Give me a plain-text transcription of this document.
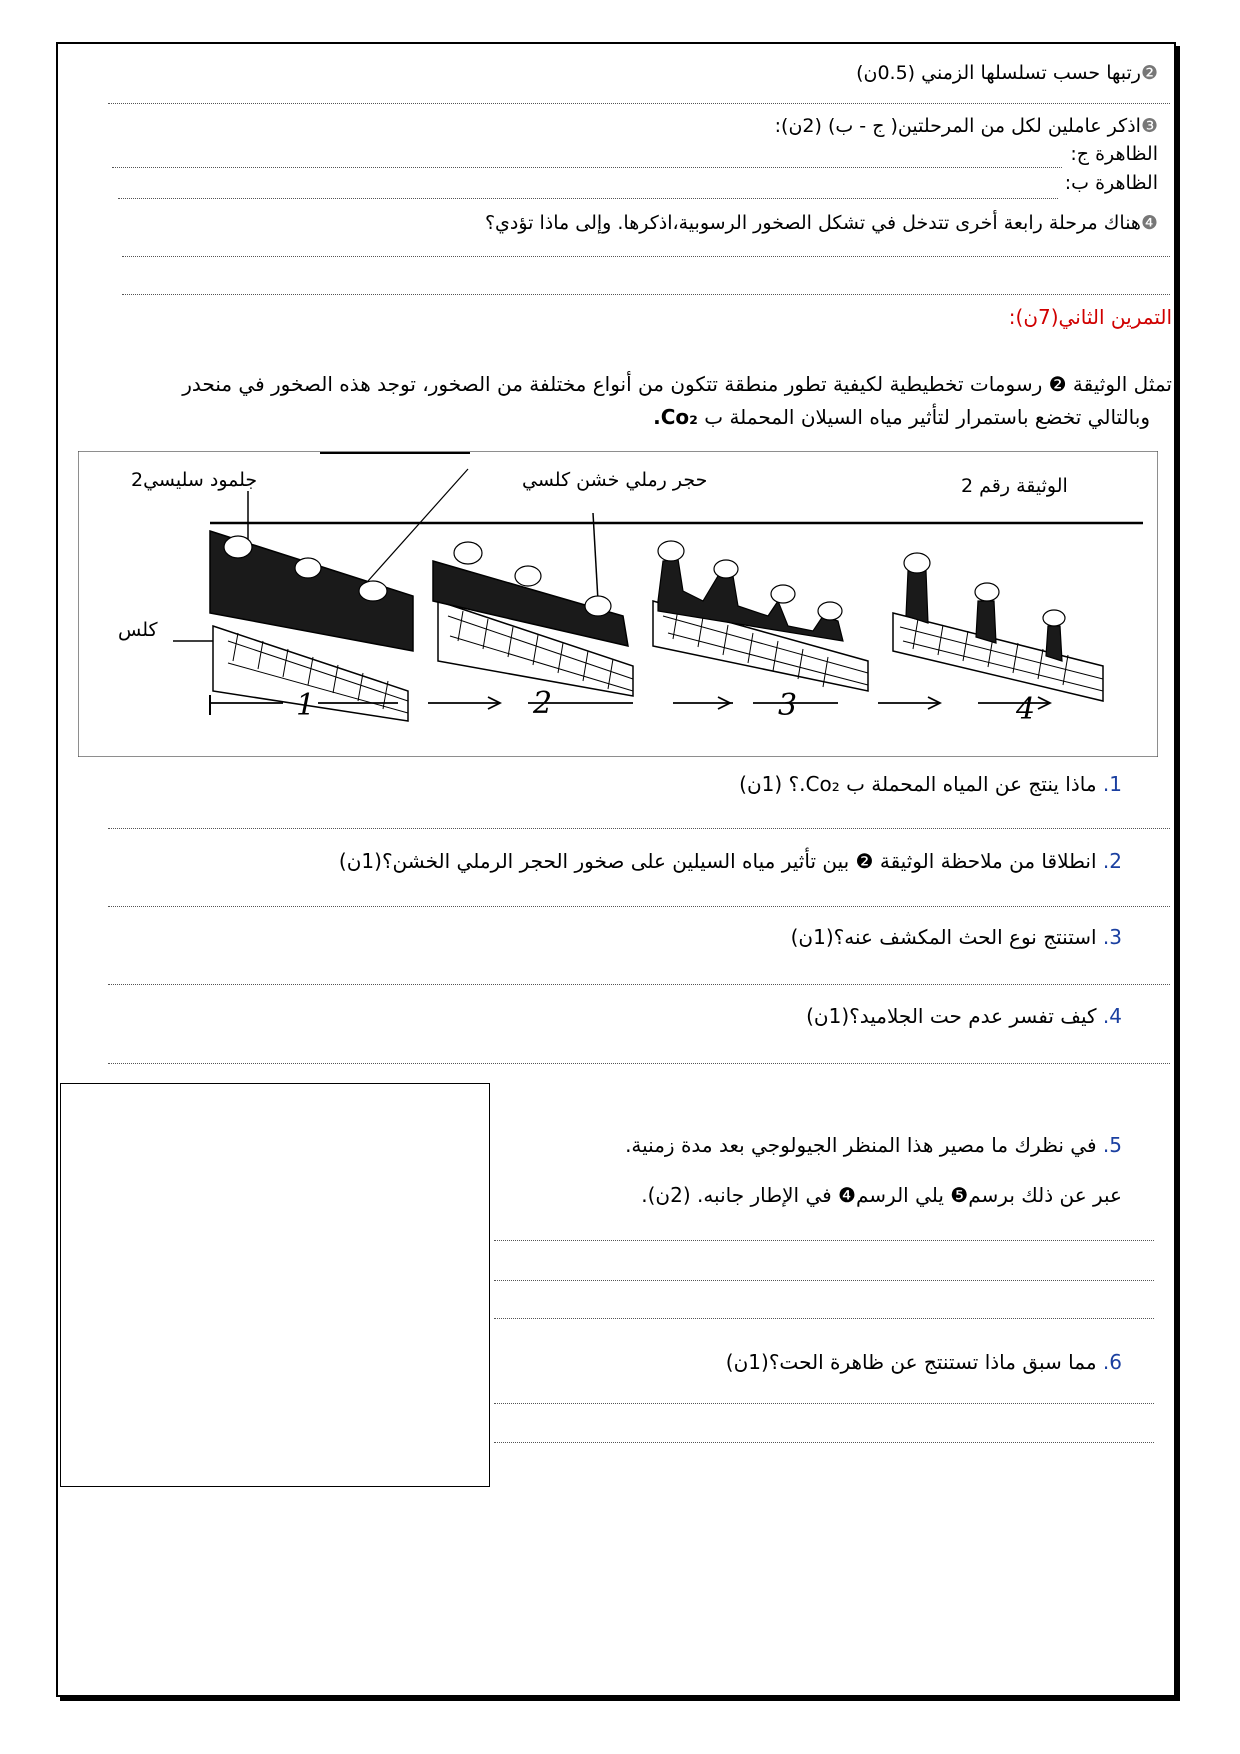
❷رتبها حسب تسلسلها الزمني (0.5ن)
❸اذكر عاملين لكل من المرحلتين( ج - ب) (2ن):
الظاهرة ج:
الظاهرة ب:
❹هناك مرحلة رابعة أخرى تتدخل في تشكل الصخور الرسوبية،اذكرها. وإلى ماذا تؤدي؟
التمرين الثاني(7ن):
تمثل الوثيقة ❷ رسومات تخطيطية لكيفية تطور منطقة تتكون من أنواع مختلفة من الصخور، توجد هذه الصخور في منحدر
وبالتالي تخضع باستمرار لتأثير مياه السيلان المحملة ب Co₂.
1	2	3	4
الوثيقة رقم 2
جلمود سليسي2	حجر رملي خشن كلسي
كلس
1. ماذا ينتج عن المياه المحملة ب Co₂.؟ (1ن)
2. انطلاقا من ملاحظة الوثيقة ❷ بين تأثير مياه السيلين على صخور الحجر الرملي الخشن؟(1ن)
3. استنتج نوع الحث المكشف عنه؟(1ن)
4. كيف تفسر عدم حت الجلاميد؟(1ن)
5. في نظرك ما مصير هذا المنظر الجيولوجي بعد مدة زمنية.
عبر عن ذلك برسم❺ يلي الرسم❹ في الإطار جانبه. (2ن).
6. مما سبق ماذا تستنتج عن ظاهرة الحت؟(1ن)
